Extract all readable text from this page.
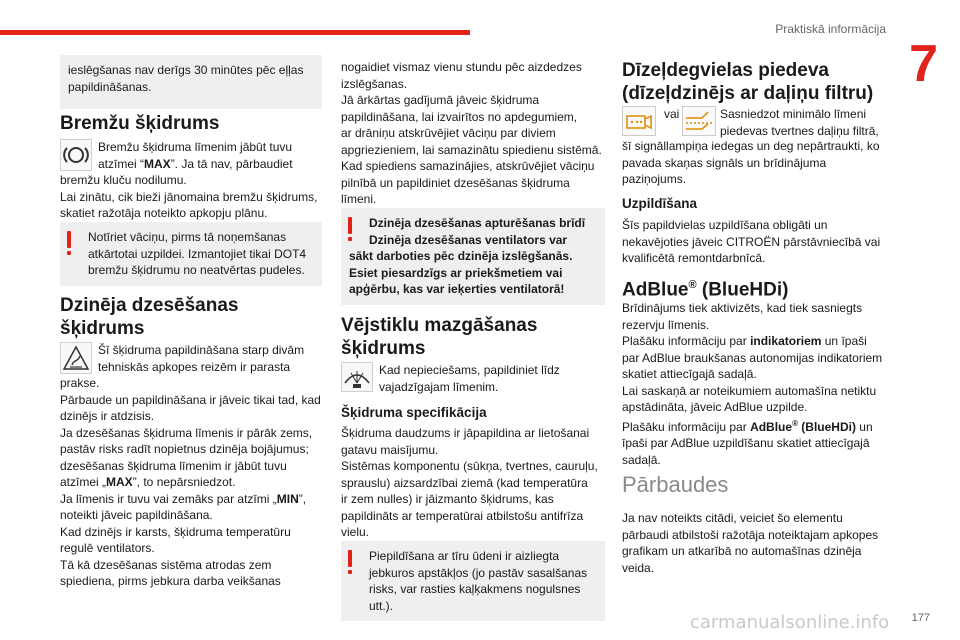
Praktiskā informācija
7

ieslēgšanas nav derīgs 30 minūtes pēc eļļas papildināšanas.

Bremžu šķidrums

Bremžu šķidruma līmenim jābūt tuvu atzīmei “MAX”. Ja tā nav, pārbaudiet bremžu kluču nodilumu.

Lai zinātu, cik bieži jānomaina bremžu šķidrums, skatiet ražotāja noteikto apkopju plānu.

Notīriet vāciņu, pirms tā noņemšanas atkārtotai uzpildei. Izmantojiet tikai DOT4 bremžu šķidrumu no neatvērtas pudeles.

Dzinēja dzesēšanas
šķidrums

Šī šķidruma papildināšana starp divām

tehniskās apkopes reizēm ir parasta

prakse.

Pārbaude un papildināšana ir jāveic tikai tad, kad

dzinējs ir atdzisis.

Ja dzesēšanas šķidruma līmenis ir pārāk zems,

pastāv risks radīt nopietnus dzinēja bojājumus;

dzesēšanas šķidruma līmenim ir jābūt tuvu

atzīmei „MAX”, to nepārsniedzot.

Ja līmenis ir tuvu vai zemāks par atzīmi „MIN”,

noteikti jāveic papildināšana.

Kad dzinējs ir karsts, šķidruma temperatūru

regulē ventilators.

Tā kā dzesēšanas sistēma atrodas zem

spiediena, pirms jebkura darba veikšanas

nogaidiet vismaz vienu stundu pēc aizdedzes

izslēgšanas.

Jā ārkārtas gadījumā jāveic šķidruma

papildināšana, lai izvairītos no apdegumiem,

ar drāniņu atskrūvējiet vāciņu par diviem

apgriezieniem, lai samazinātu spiedienu sistēmā.

Kad spiediens samazinājies, atskrūvējiet vāciņu

pilnībā un papildiniet dzesēšanas šķidruma

līmeni.

Dzinēja dzesēšanas apturēšanas brīdī

Dzinēja dzesēšanas ventilators var

sākt darboties pēc dzinēja izslēgšanās.

Esiet piesardzīgs ar priekšmetiem vai

apģērbu, kas var ieķerties ventilatorā!

Vējstiklu mazgāšanas
šķidrums

Kad nepieciešams, papildiniet līdz vajadzīgajam līmenim.

Šķidruma specifikācija

Šķidruma daudzums ir jāpapildina ar lietošanai

gatavu maisījumu.

Sistēmas komponentu (sūkņa, tvertnes, cauruļu,

sprauslu) aizsardzībai ziemā (kad temperatūra

ir zem nulles) ir jāizmanto šķidrums, kas

papildināts ar temperatūrai atbilstošu antifrīza

vielu.

Piepildīšana ar tīru ūdeni ir aizliegta jebkuros apstākļos (jo pastāv sasalšanas risks, var rasties kaļķakmens nogulsnes utt.).

Dīzeļdegvielas piedeva
(dīzeļdzinējs ar daļiņu filtru)
vai	Sasniedzot minimālo līmeni

piedevas tvertnes daļiņu filtrā,

šī signāllampiņa iedegas un deg nepārtraukti, ko

pavada skaņas signāls un brīdinājuma

paziņojums.

Uzpildīšana

Šīs papildvielas uzpildīšana obligāti un

nekavējoties jāveic CITROËN pārstāvniecībā vai

kvalificētā remontdarbnīcā.

AdBlue® (BlueHDi)

Brīdinājums tiek aktivizēts, kad tiek sasniegts

rezervju līmenis.

Plašāku informāciju par indikatoriem un īpaši

par AdBlue braukšanas autonomijas indikatoriem

skatiet attiecīgajā sadaļā.

Lai saskaņā ar noteikumiem automašīna netiktu

apstādināta, jāveic AdBlue uzpilde.

Plašāku informāciju par AdBlue® (BlueHDi) un

īpaši par AdBlue uzpildīšanu skatiet attiecīgajā

sadaļā.

Pārbaudes

Ja nav noteikts citādi, veiciet šo elementu

pārbaudi atbilstoši ražotāja noteiktajam apkopes

grafikam un atkarībā no automašīnas dzinēja

veida.

carmanualsonline.info 177
